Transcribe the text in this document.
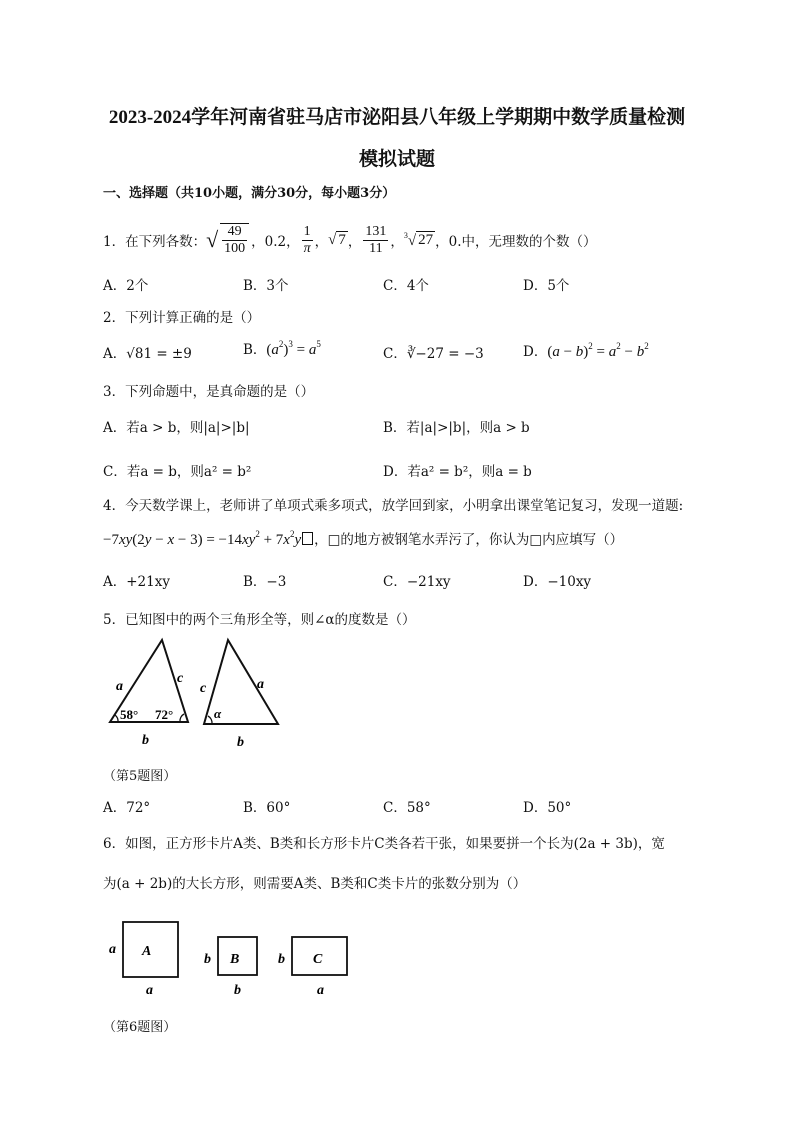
2023-2024学年河南省驻马店市泌阳县八年级上学期期中数学质量检测
模拟试题
一、选择题（共10小题，满分30分，每小题3分）
1．在下列各数： √ $\frac{49}{100}$ ，0.2， $\frac{1}{\pi}$ ， √ 7 ， $\frac{131}{11}$ ， $^3$√ 27 ，0.中，无理数的个数（）
A．2个	B．3个	C．4个	D．5个
2．下列计算正确的是（）
A．√81 = ±9	B．$(a^2)^3 = a^5$
C．∛−27 = −3	D．$(a - b)^2 = a^2 - b^2$
3．下列命题中，是真命题的是（）
A．若a > b，则|a|>|b|	B．若|a|>|b|，则a > b
C．若a = b，则a² = b²	D．若a² = b²，则a = b
4．今天数学课上，老师讲了单项式乘多项式，放学回到家，小明拿出课堂笔记复习，发现一道题:
$-7xy(2y - x - 3) = -14xy^2 + 7x^2y$ ，□的地方被钢笔水弄污了，你认为□内应填写（）
A．+21xy	B．−3	C．−21xy	D．−10xy
5．已知图中的两个三角形全等，则∠α的度数是（）
a
c
b
58° 72°
c	a
b
α
（第5题图）
A．72°	B．60°	C．58°	D．50°
6．如图，正方形卡片A类、B类和长方形卡片C类各若干张，如果要拼一个长为(2a + 3b)，宽
为(a + 2b)的大长方形，则需要A类、B类和C类卡片的张数分别为（）
A
a
a
B
b
b
C
b
a
（第6题图）
